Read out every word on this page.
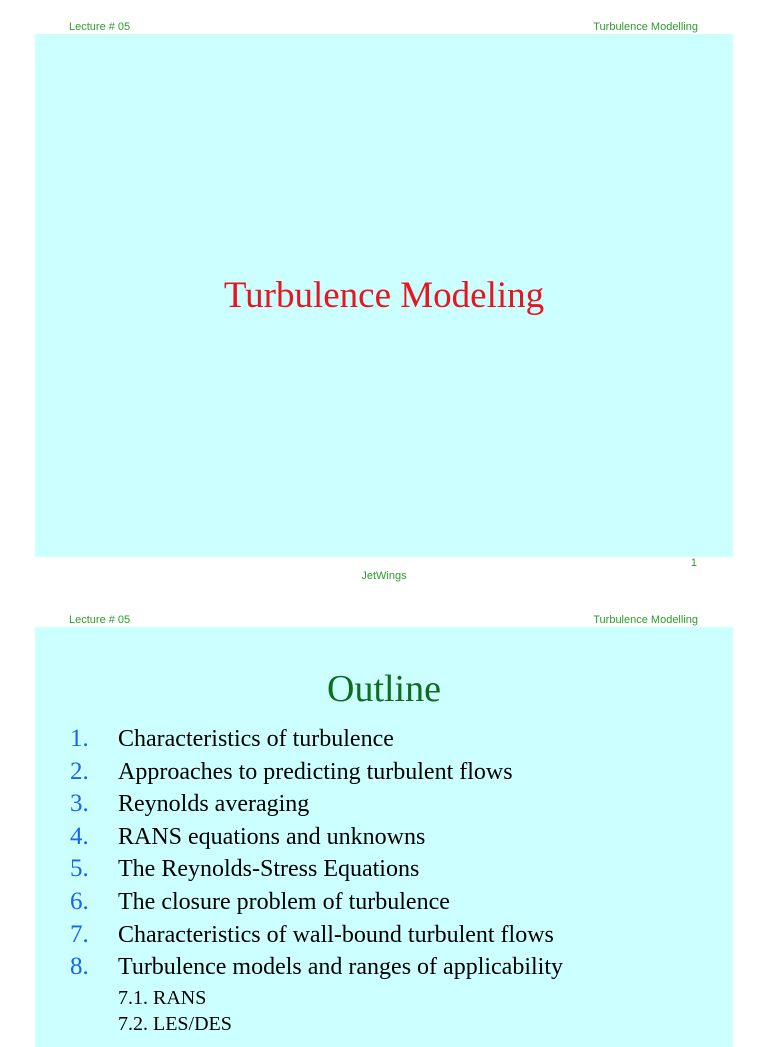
Lecture # 05	Turbulence Modelling
Turbulence Modeling
1
JetWings
Lecture # 05	Turbulence Modelling
Outline
1. Characteristics of turbulence
2. Approaches to predicting turbulent flows
3. Reynolds averaging
4. RANS equations and unknowns
5. The Reynolds-Stress Equations
6. The closure problem of turbulence
7. Characteristics of wall-bound turbulent flows
8. Turbulence models and ranges of applicability
7.1. RANS
7.2. LES/DES
